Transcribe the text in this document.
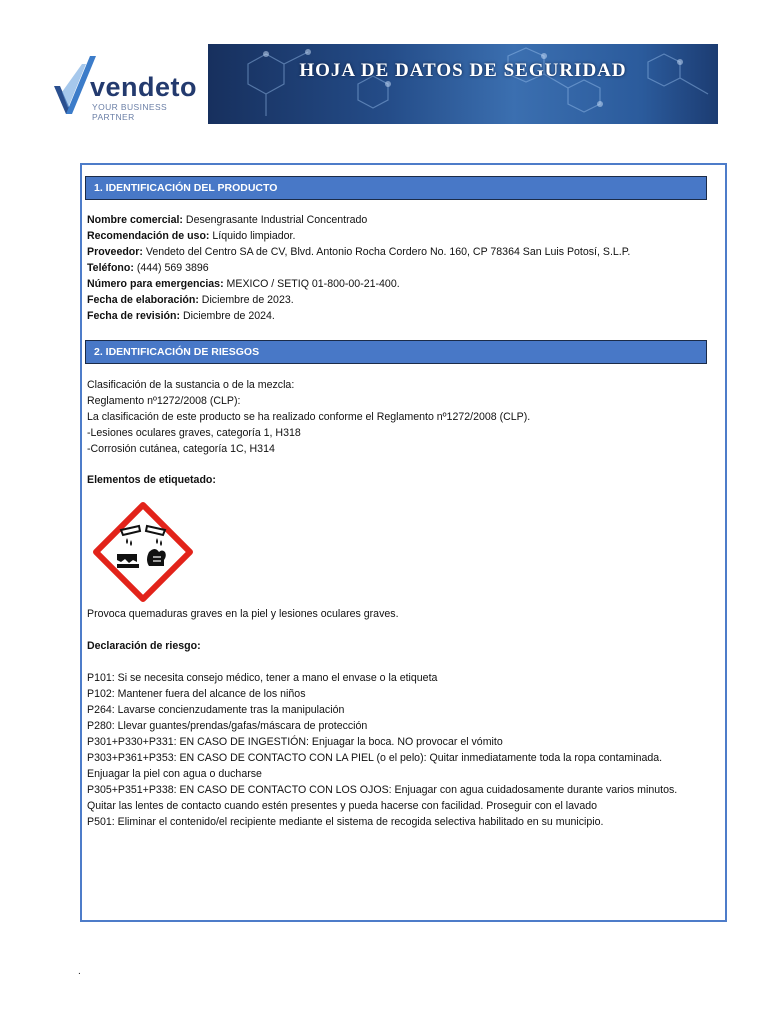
vendeto
YOUR BUSINESS PARTNER
HOJA DE DATOS DE SEGURIDAD
1. IDENTIFICACIÓN DEL PRODUCTO
Nombre comercial: Desengrasante Industrial Concentrado
Recomendación de uso: Líquido limpiador.
Proveedor: Vendeto del Centro SA de CV, Blvd. Antonio Rocha Cordero No. 160, CP 78364 San Luis Potosí, S.L.P.
Teléfono: (444) 569 3896
Número para emergencias: MEXICO / SETIQ 01-800-00-21-400.
Fecha de elaboración: Diciembre de 2023.
Fecha de revisión: Diciembre de 2024.
2. IDENTIFICACIÓN DE RIESGOS
Clasificación de la sustancia o de la mezcla:
Reglamento nº1272/2008 (CLP):
La clasificación de este producto se ha realizado conforme el Reglamento nº1272/2008 (CLP).
-Lesiones oculares graves, categoría 1, H318
-Corrosión cutánea, categoría 1C, H314
Elementos de etiquetado:
Provoca quemaduras graves en la piel y lesiones oculares graves.
Declaración de riesgo:
P101: Si se necesita consejo médico, tener a mano el envase o la etiqueta
P102: Mantener fuera del alcance de los niños
P264: Lavarse concienzudamente tras la manipulación
P280: Llevar guantes/prendas/gafas/máscara de protección
P301+P330+P331: EN CASO DE INGESTIÓN: Enjuagar la boca. NO provocar el vómito
P303+P361+P353: EN CASO DE CONTACTO CON LA PIEL (o el pelo): Quitar inmediatamente toda la ropa contaminada.
Enjuagar la piel con agua o ducharse
P305+P351+P338: EN CASO DE CONTACTO CON LOS OJOS: Enjuagar con agua cuidadosamente durante varios minutos.
Quitar las lentes de contacto cuando estén presentes y pueda hacerse con facilidad. Proseguir con el lavado
P501: Eliminar el contenido/el recipiente mediante el sistema de recogida selectiva habilitado en su municipio.
.
